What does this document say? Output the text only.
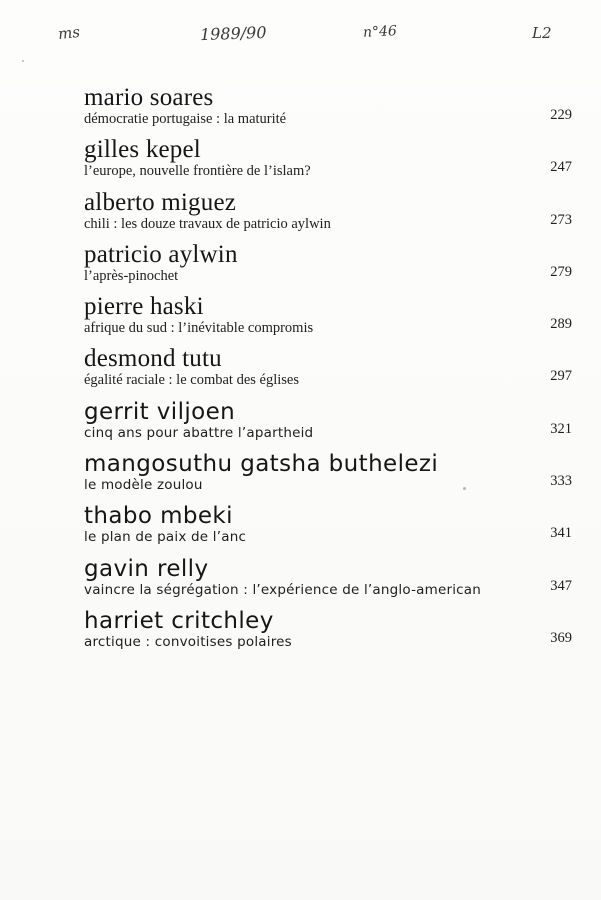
ms	1989/90	n°46	L2
mario soares
démocratie portugaise : la maturité	229
gilles kepel
l’europe, nouvelle frontière de l’islam?	247
alberto miguez
chili : les douze travaux de patricio aylwin	273
patricio aylwin
l’après-pinochet	279
pierre haski
afrique du sud : l’inévitable compromis	289
desmond tutu
égalité raciale : le combat des églises	297
gerrit viljoen
cinq ans pour abattre l’apartheid	321
mangosuthu gatsha buthelezi
le modèle zoulou	333
thabo mbeki
le plan de paix de l’anc	341
gavin relly
vaincre la ségrégation : l’expérience de l’anglo-american	347
harriet critchley
arctique : convoitises polaires	369
